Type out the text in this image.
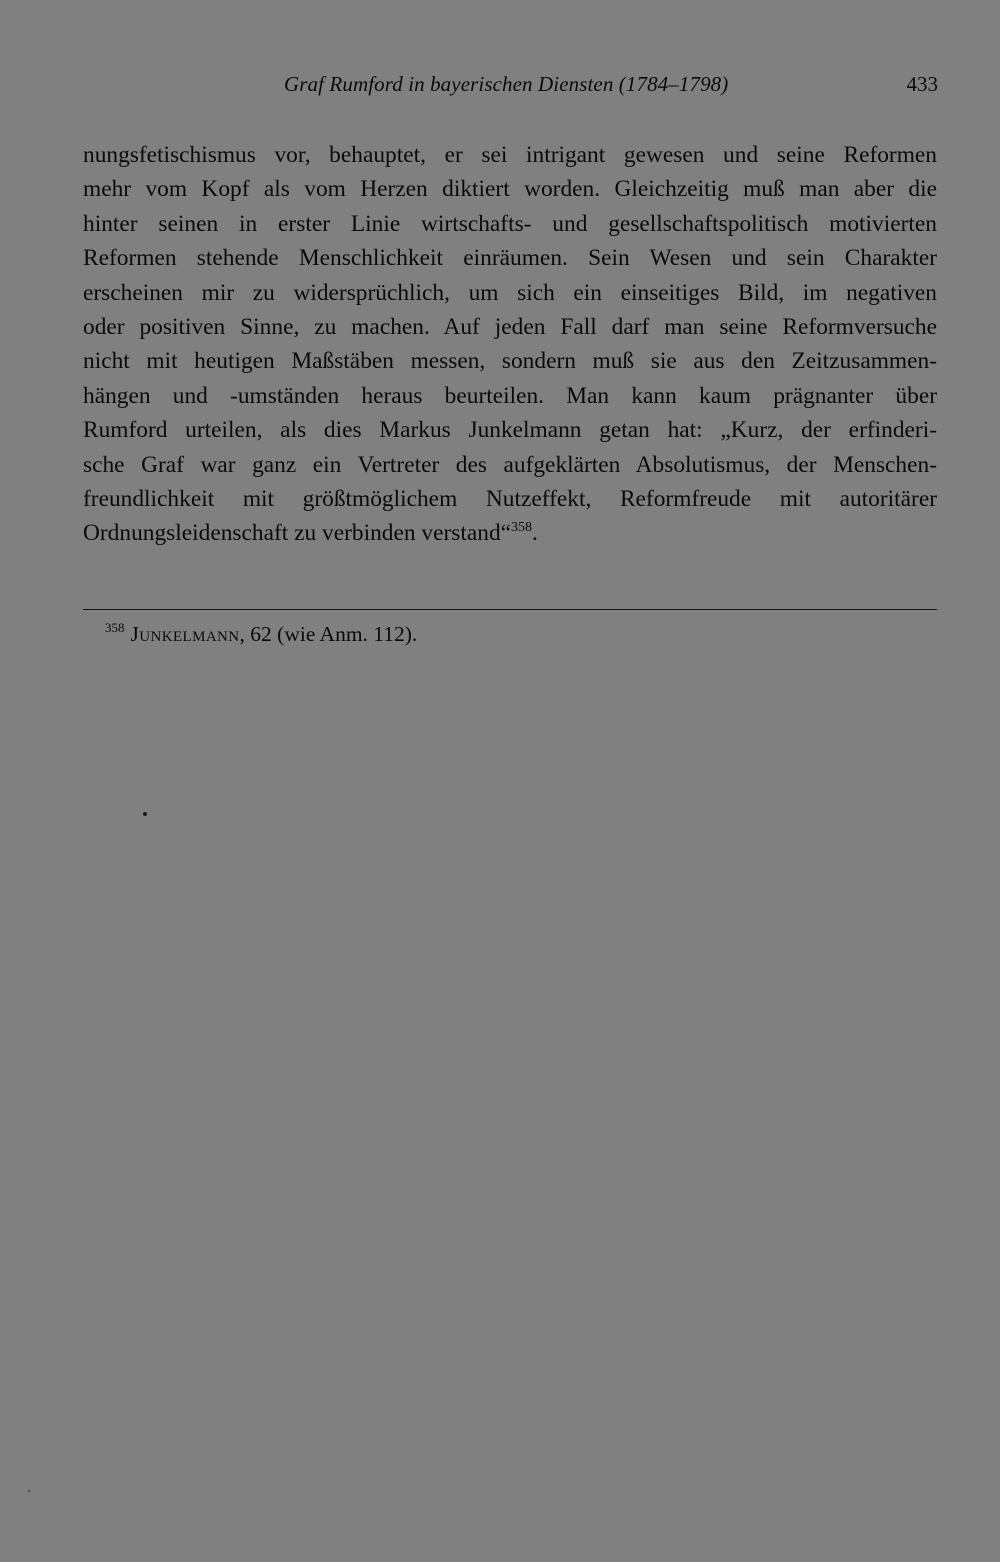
Graf Rumford in bayerischen Diensten (1784–1798)	433
nungsfetischismus vor, behauptet, er sei intrigant gewesen und seine Reformen
mehr vom Kopf als vom Herzen diktiert worden. Gleichzeitig muß man aber die
hinter seinen in erster Linie wirtschafts- und gesellschaftspolitisch motivierten
Reformen stehende Menschlichkeit einräumen. Sein Wesen und sein Charakter
erscheinen mir zu widersprüchlich, um sich ein einseitiges Bild, im negativen
oder positiven Sinne, zu machen. Auf jeden Fall darf man seine Reformversuche
nicht mit heutigen Maßstäben messen, sondern muß sie aus den Zeitzusammen-
hängen und -umständen heraus beurteilen. Man kann kaum prägnanter über
Rumford urteilen, als dies Markus Junkelmann getan hat: „Kurz, der erfinderi-
sche Graf war ganz ein Vertreter des aufgeklärten Absolutismus, der Menschen-
freundlichkeit mit größtmöglichem Nutzeffekt, Reformfreude mit autoritärer
Ordnungsleidenschaft zu verbinden verstand“$^{358}$.
$^{358}$ Junkelmann, 62 (wie Anm. 112).
